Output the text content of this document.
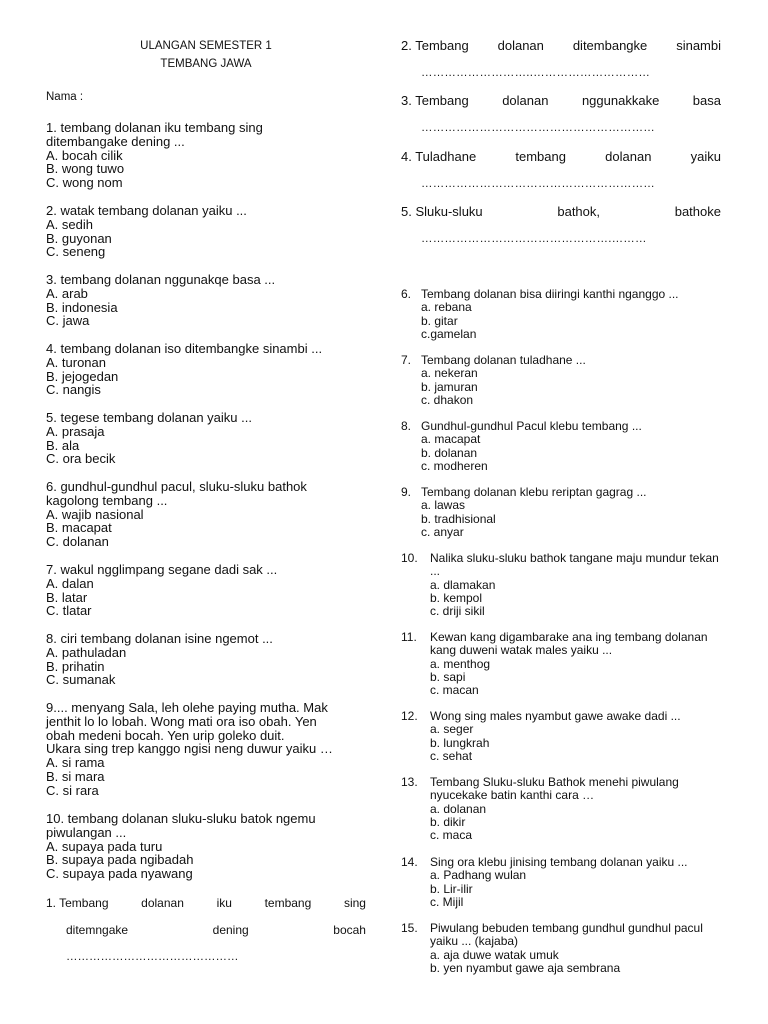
ULANGAN SEMESTER 1
TEMBANG JAWA
Nama :
1. tembang dolanan iku tembang sing
ditembangake dening ...
A. bocah cilik
B. wong tuwo
C. wong nom
2. watak tembang dolanan yaiku ...
A. sedih
B. guyonan
C. seneng
3. tembang dolanan nggunakqe basa ...
A. arab
B. indonesia
C. jawa
4. tembang dolanan iso ditembangke sinambi ...
A. turonan
B. jejogedan
C. nangis
5. tegese tembang dolanan yaiku ...
A. prasaja
B. ala
C. ora becik
6. gundhul-gundhul pacul, sluku-sluku bathok
kagolong tembang ...
A. wajib nasional
B. macapat
C. dolanan
7. wakul ngglimpang segane dadi sak ...
A. dalan
B. latar
C. tlatar
8. ciri tembang dolanan isine ngemot ...
A. pathuladan
B. prihatin
C. sumanak
9.... menyang Sala, leh olehe paying mutha. Mak
jenthit lo lo lobah. Wong mati ora iso obah. Yen
obah medeni bocah. Yen urip goleko duit.
Ukara sing trep kanggo ngisi neng duwur yaiku …
A. si rama
B. si mara
C. si rara
10. tembang dolanan sluku-sluku batok ngemu
piwulangan ...
A. supaya pada turu
B. supaya pada ngibadah
C. supaya pada nyawang
1. Tembang	dolanan	iku	tembang	sing
ditemngake	dening	bocah
………………………………………
2. Tembang dolanan ditembangke sinambi
………………………..…………………………
3. Tembang	dolanan	nggunakkake	basa
……………………………………………………
4. Tuladhane	tembang	dolanan	yaiku
……………………………………………………
5. Sluku-sluku	bathok,	bathoke
………………………………………….………
6. Tembang dolanan bisa diiringi kanthi nganggo ...
a. rebana
b. gitar
c.gamelan
7. Tembang dolanan tuladhane ...
a. nekeran
b. jamuran
c. dhakon
8. Gundhul-gundhul Pacul klebu tembang ...
a. macapat
b. dolanan
c. modheren
9. Tembang dolanan klebu reriptan gagrag ...
a. lawas
b. tradhisional
c. anyar
10.	Nalika sluku-sluku bathok tangane maju mundur tekan ...
a. dlamakan
b. kempol
c. driji sikil
11.	Kewan kang digambarake ana ing tembang dolanan kang duweni watak males yaiku ...
a. menthog
b. sapi
c. macan
12.	Wong sing males nyambut gawe awake dadi ...
a. seger
b. lungkrah
c. sehat
13.	Tembang Sluku-sluku Bathok menehi piwulang nyucekake batin kanthi cara …
a. dolanan
b. dikir
c. maca
14.	Sing ora klebu jinising tembang dolanan yaiku ...
a. Padhang wulan
b. Lir-ilir
c. Mijil
15.	Piwulang bebuden tembang gundhul gundhul pacul yaiku ... (kajaba)
a. aja duwe watak umuk
b. yen nyambut gawe aja sembrana
